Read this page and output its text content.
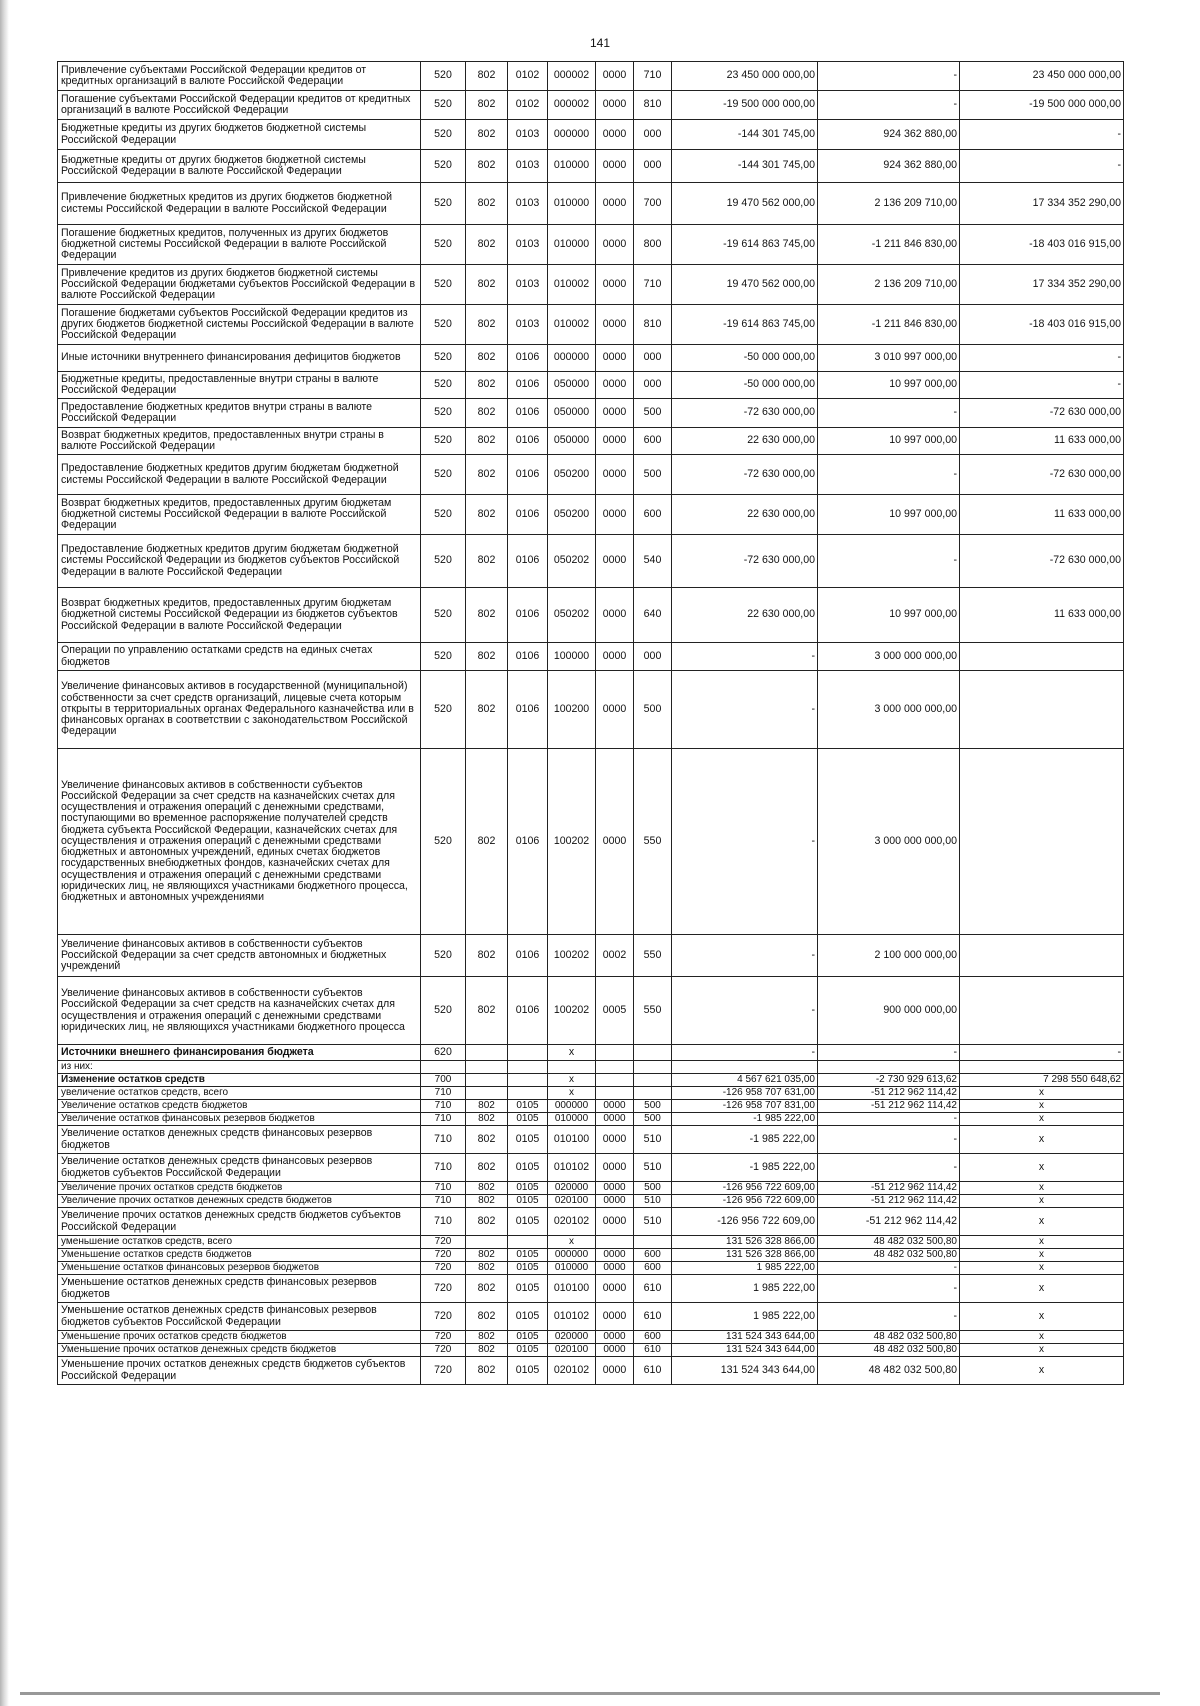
141
Привлечение субъектами Российской Федерации кредитов от кредитных организаций в валюте Российской Федерации	520	802	0102	000002	0000	710	23 450 000 000,00	-	23 450 000 000,00
Погашение субъектами Российской Федерации кредитов от кредитных организаций в валюте Российской Федерации	520	802	0102	000002	0000	810	-19 500 000 000,00	-	-19 500 000 000,00
Бюджетные кредиты из других бюджетов бюджетной системы Российской Федерации	520	802	0103	000000	0000	000	-144 301 745,00	924 362 880,00	-
Бюджетные кредиты от других бюджетов бюджетной системы Российской Федерации в валюте Российской Федерации	520	802	0103	010000	0000	000	-144 301 745,00	924 362 880,00	-
Привлечение бюджетных кредитов из других бюджетов бюджетной системы Российской Федерации в валюте Российской Федерации	520	802	0103	010000	0000	700	19 470 562 000,00	2 136 209 710,00	17 334 352 290,00
Погашение бюджетных кредитов, полученных из других бюджетов бюджетной системы Российской Федерации в валюте Российской Федерации	520	802	0103	010000	0000	800	-19 614 863 745,00	-1 211 846 830,00	-18 403 016 915,00
Привлечение кредитов из других бюджетов бюджетной системы Российской Федерации бюджетами субъектов Российской Федерации в валюте Российской Федерации	520	802	0103	010002	0000	710	19 470 562 000,00	2 136 209 710,00	17 334 352 290,00
Погашение бюджетами субъектов Российской Федерации кредитов из других бюджетов бюджетной системы Российской Федерации в валюте Российской Федерации	520	802	0103	010002	0000	810	-19 614 863 745,00	-1 211 846 830,00	-18 403 016 915,00
Иные источники внутреннего финансирования дефицитов бюджетов	520	802	0106	000000	0000	000	-50 000 000,00	3 010 997 000,00	-
Бюджетные кредиты, предоставленные внутри страны в валюте Российской Федерации	520	802	0106	050000	0000	000	-50 000 000,00	10 997 000,00	-
Предоставление бюджетных кредитов внутри страны в валюте Российской Федерации	520	802	0106	050000	0000	500	-72 630 000,00	-	-72 630 000,00
Возврат бюджетных кредитов, предоставленных внутри страны в валюте Российской Федерации	520	802	0106	050000	0000	600	22 630 000,00	10 997 000,00	11 633 000,00
Предоставление бюджетных кредитов другим бюджетам бюджетной системы Российской Федерации в валюте Российской Федерации	520	802	0106	050200	0000	500	-72 630 000,00	-	-72 630 000,00
Возврат бюджетных кредитов, предоставленных другим бюджетам бюджетной системы Российской Федерации в валюте Российской Федерации	520	802	0106	050200	0000	600	22 630 000,00	10 997 000,00	11 633 000,00
Предоставление бюджетных кредитов другим бюджетам бюджетной системы Российской Федерации из бюджетов субъектов Российской Федерации в валюте Российской Федерации	520	802	0106	050202	0000	540	-72 630 000,00	-	-72 630 000,00
Возврат бюджетных кредитов, предоставленных другим бюджетам бюджетной системы Российской Федерации из бюджетов субъектов Российской Федерации в валюте Российской Федерации	520	802	0106	050202	0000	640	22 630 000,00	10 997 000,00	11 633 000,00
Операции по управлению остатками средств на единых счетах бюджетов	520	802	0106	100000	0000	000	-	3 000 000 000,00	
Увеличение финансовых активов в государственной (муниципальной) собственности за счет средств организаций, лицевые счета которым открыты в территориальных органах Федерального казначейства или в финансовых органах в соответствии с законодательством Российской Федерации	520	802	0106	100200	0000	500	-	3 000 000 000,00	
Увеличение финансовых активов в собственности субъектов Российской Федерации за счет средств на казначейских счетах для осуществления и отражения операций с денежными средствами, поступающими во временное распоряжение получателей средств бюджета субъекта Российской Федерации, казначейских счетах для осуществления и отражения операций с денежными средствами бюджетных и автономных учреждений, единых счетах бюджетов государственных внебюджетных фондов, казначейских счетах для осуществления и отражения операций с денежными средствами юридических лиц, не являющихся участниками бюджетного процесса, бюджетных и автономных учреждениями	520	802	0106	100202	0000	550	-	3 000 000 000,00	
Увеличение финансовых активов в собственности субъектов Российской Федерации за счет средств автономных и бюджетных учреждений	520	802	0106	100202	0002	550	-	2 100 000 000,00	
Увеличение финансовых активов в собственности субъектов Российской Федерации за счет средств на казначейских счетах для осуществления и отражения операций с денежными средствами юридических лиц, не являющихся участниками бюджетного процесса	520	802	0106	100202	0005	550	-	900 000 000,00	
Источники внешнего финансирования бюджета	620			x			-	-	-
из них:									
Изменение остатков средств	700			x			4 567 621 035,00	-2 730 929 613,62	7 298 550 648,62
увеличение остатков средств, всего	710			x			-126 958 707 631,00	-51 212 962 114,42	x
Увеличение остатков средств бюджетов	710	802	0105	000000	0000	500	-126 958 707 831,00	-51 212 962 114,42	x
Увеличение остатков финансовых резервов бюджетов	710	802	0105	010000	0000	500	-1 985 222,00	-	x
Увеличение остатков денежных средств финансовых резервов бюджетов	710	802	0105	010100	0000	510	-1 985 222,00	-	x
Увеличение остатков денежных средств финансовых резервов бюджетов субъектов Российской Федерации	710	802	0105	010102	0000	510	-1 985 222,00	-	x
Увеличение прочих остатков средств бюджетов	710	802	0105	020000	0000	500	-126 956 722 609,00	-51 212 962 114,42	x
Увеличение прочих остатков денежных средств бюджетов	710	802	0105	020100	0000	510	-126 956 722 609,00	-51 212 962 114,42	x
Увеличение прочих остатков денежных средств бюджетов субъектов Российской Федерации	710	802	0105	020102	0000	510	-126 956 722 609,00	-51 212 962 114,42	x
уменьшение остатков средств, всего	720			x			131 526 328 866,00	48 482 032 500,80	x
Уменьшение остатков средств бюджетов	720	802	0105	000000	0000	600	131 526 328 866,00	48 482 032 500,80	x
Уменьшение остатков финансовых резервов бюджетов	720	802	0105	010000	0000	600	1 985 222,00	-	x
Уменьшение остатков денежных средств финансовых резервов бюджетов	720	802	0105	010100	0000	610	1 985 222,00	-	x
Уменьшение остатков денежных средств финансовых резервов бюджетов субъектов Российской Федерации	720	802	0105	010102	0000	610	1 985 222,00	-	x
Уменьшение прочих остатков средств бюджетов	720	802	0105	020000	0000	600	131 524 343 644,00	48 482 032 500,80	x
Уменьшение прочих остатков денежных средств бюджетов	720	802	0105	020100	0000	610	131 524 343 644,00	48 482 032 500,80	x
Уменьшение прочих остатков денежных средств бюджетов субъектов Российской Федерации	720	802	0105	020102	0000	610	131 524 343 644,00	48 482 032 500,80	x
